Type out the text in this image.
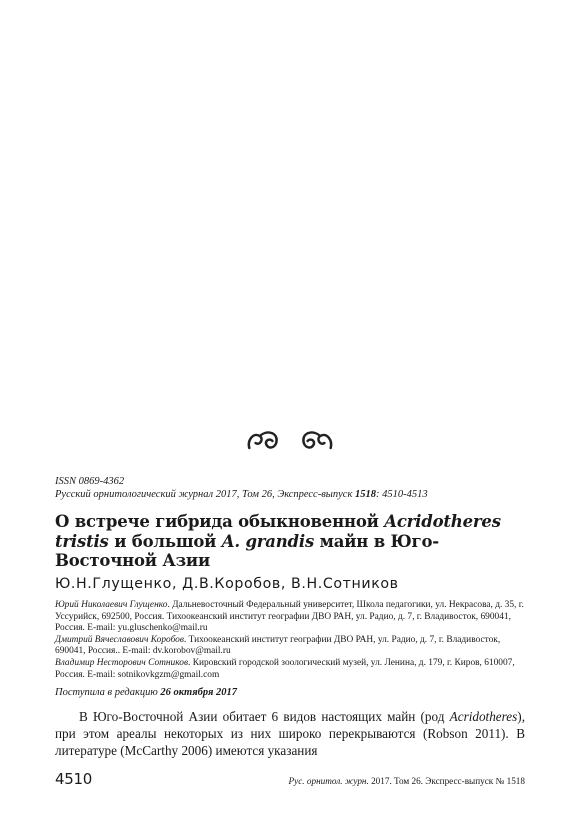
ISSN 0869-4362
Русский орнитологический журнал 2017, Том 26, Экспресс-выпуск 1518: 4510-4513
О встрече гибрида обыкновенной Acridotheres tristis и большой A. grandis майн в Юго-Восточной Азии
Ю.Н.Глущенко, Д.В.Коробов, В.Н.Сотников

Юрий Николаевич Глущенко. Дальневосточный Федеральный университет, Школа педагогики, ул. Некрасова, д. 35, г. Уссурийск, 692500, Россия. Тихоокеанский институт географии ДВО РАН, ул. Радио, д. 7, г. Владивосток, 690041, Россия. E-mail: yu.gluschenko@mail.ru

Дмитрий Вячеславович Коробов. Тихоокеанский институт географии ДВО РАН, ул. Радио, д. 7, г. Владивосток, 690041, Россия.. E-mail: dv.korobov@mail.ru

Владимир Несторович Сотников. Кировский городской зоологический музей, ул. Ленина, д. 179, г. Киров, 610007, Россия. E-mail: sotnikovkgzm@gmail.com

Поступила в редакцию 26 октября 2017

В Юго-Восточной Азии обитает 6 видов настоящих майн (род Acridotheres), при этом ареалы некоторых из них широко перекрываются (Robson 2011). В литературе (McCarthy 2006) имеются указания

4510	Рус. орнитол. журн. 2017. Том 26. Экспресс-выпуск № 1518
